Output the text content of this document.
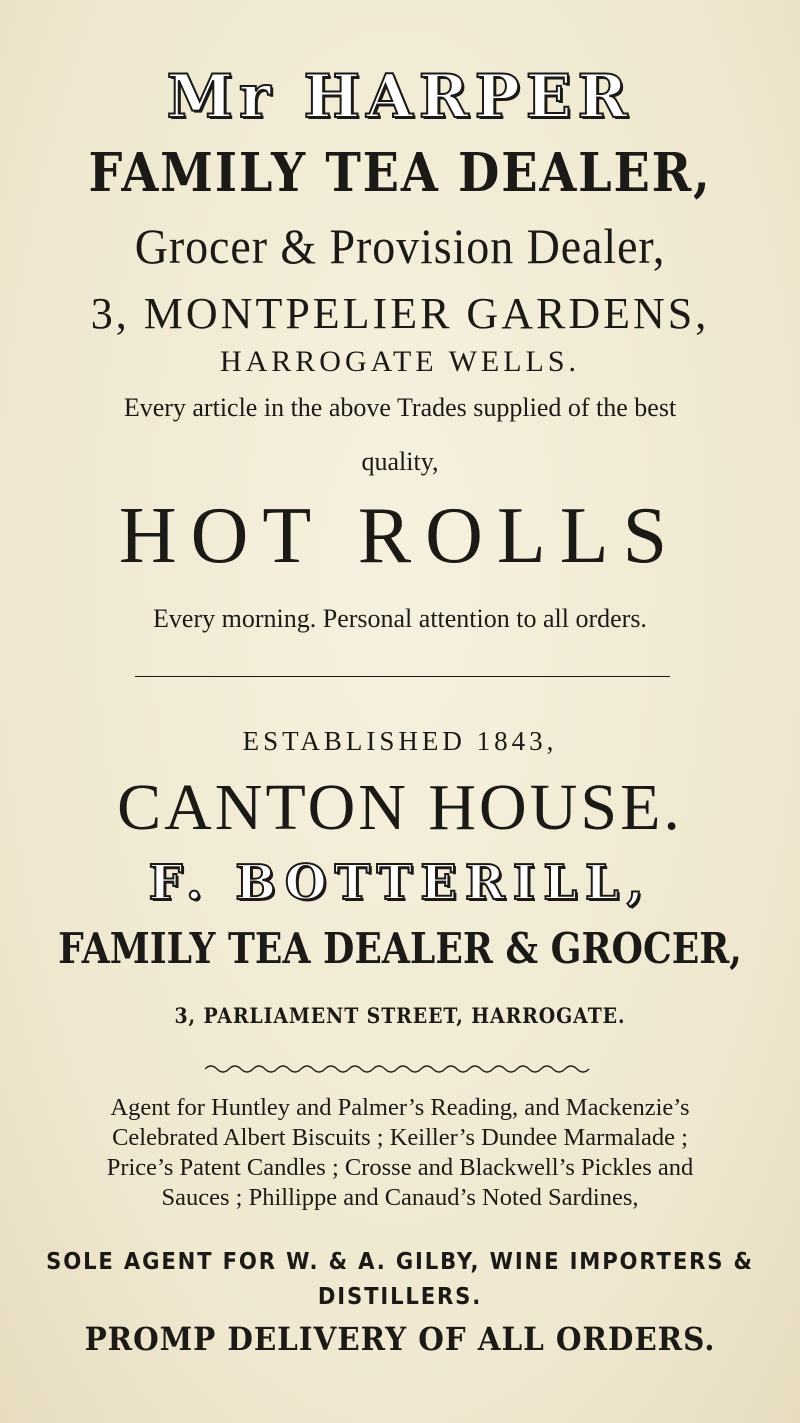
Mr HARPER
FAMILY TEA DEALER,
Grocer & Provision Dealer,
3, MONTPELIER GARDENS,
HARROGATE WELLS.
Every article in the above Trades supplied of the best
quality,
HOT ROLLS
Every morning. Personal attention to all orders.
ESTABLISHED 1843,
CANTON HOUSE.
F. BOTTERILL,
FAMILY TEA DEALER & GROCER,
3, PARLIAMENT STREET, HARROGATE.
Agent for Huntley and Palmer’s Reading, and Mackenzie’s
Celebrated Albert Biscuits ; Keiller’s Dundee Marmalade ;
Price’s Patent Candles ; Crosse and Blackwell’s Pickles and
Sauces ; Phillippe and Canaud’s Noted Sardines,
SOLE AGENT FOR W. & A. GILBY, WINE IMPORTERS &
DISTILLERS.
PROMP DELIVERY OF ALL ORDERS.
